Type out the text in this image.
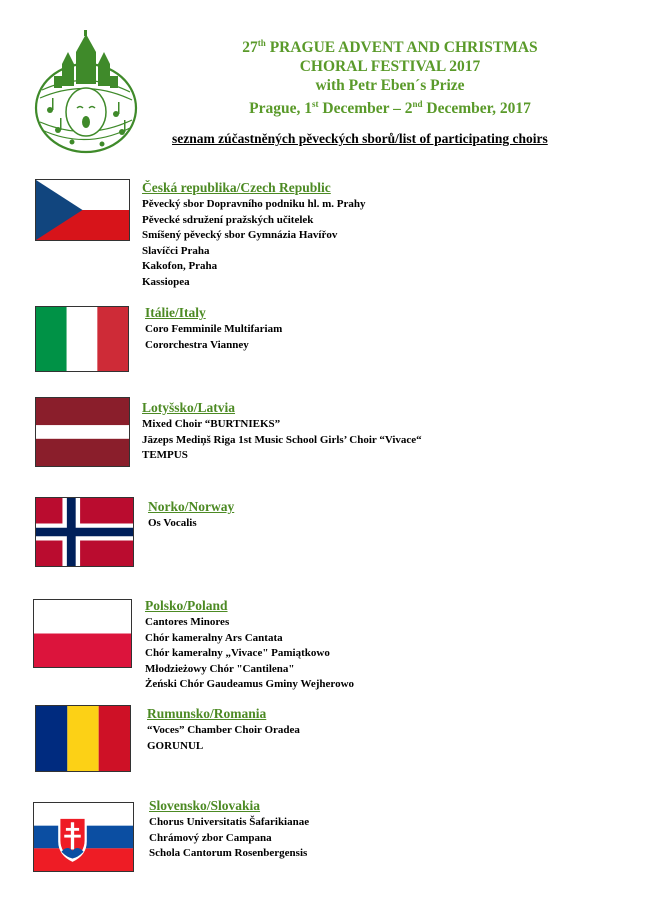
27th PRAGUE ADVENT AND CHRISTMAS
CHORAL FESTIVAL 2017
with Petr Eben´s Prize
Prague, 1st December – 2nd December, 2017
seznam zúčastněných pěveckých sborů/list of participating choirs
Česká republika/Czech Republic
Pěvecký sbor Dopravního podniku hl. m. Prahy
Pěvecké sdružení pražských učitelek
Smíšený pěvecký sbor Gymnázia Havířov
Slavíčci Praha
Kakofon, Praha
Kassiopea
Itálie/Italy
Coro Femminile Multifariam
Cororchestra Vianney
Lotyšsko/Latvia
Mixed Choir “BURTNIEKS”
Jāzeps Mediņš Riga 1st Music School Girls’ Choir “Vivace“
TEMPUS
Norko/Norway
Os Vocalis
Polsko/Poland
Cantores Minores
Chór kameralny Ars Cantata
Chór kameralny „Vivace" Pamiątkowo
Młodzieżowy Chór "Cantilena"
Żeński Chór Gaudeamus Gminy Wejherowo
Rumunsko/Romania
“Voces” Chamber Choir Oradea
GORUNUL
Slovensko/Slovakia
Chorus Universitatis Šafarikianae
Chrámový zbor Campana
Schola Cantorum Rosenbergensis
